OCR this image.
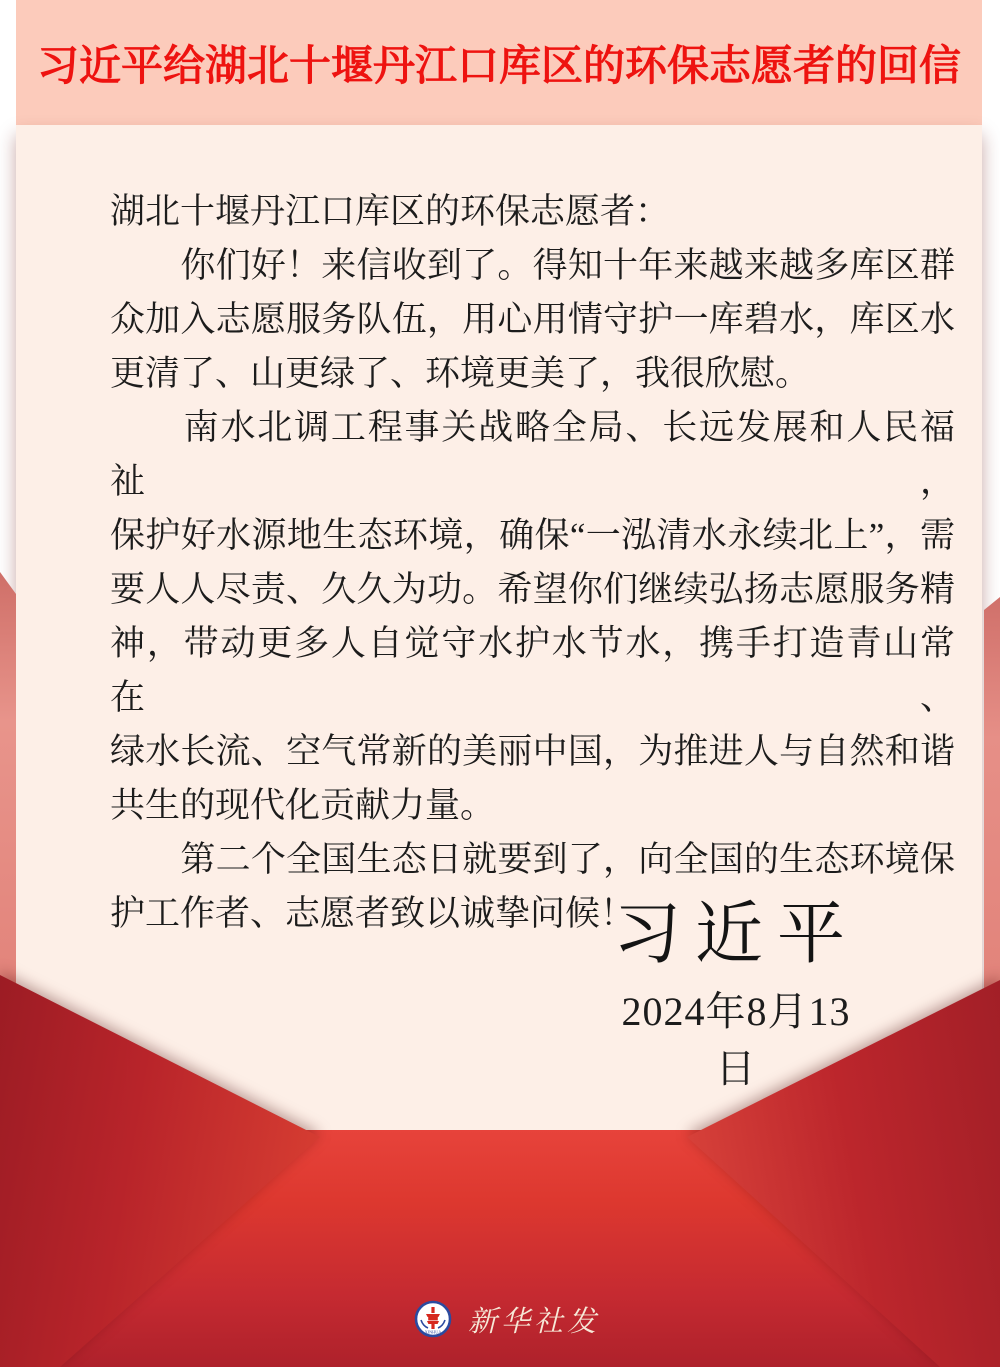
习近平给湖北十堰丹江口库区的环保志愿者的回信
湖北十堰丹江口库区的环保志愿者：
　　你们好！来信收到了。得知十年来越来越多库区群
众加入志愿服务队伍，用心用情守护一库碧水，库区水
更清了、山更绿了、环境更美了，我很欣慰。
　　南水北调工程事关战略全局、长远发展和人民福祉，
保护好水源地生态环境，确保“一泓清水永续北上”，需
要人人尽责、久久为功。希望你们继续弘扬志愿服务精
神，带动更多人自觉守水护水节水，携手打造青山常在、
绿水长流、空气常新的美丽中国，为推进人与自然和谐
共生的现代化贡献力量。
　　第二个全国生态日就要到了，向全国的生态环境保
护工作者、志愿者致以诚挚问候！
习近平
2024年8月13日
XINHUA 新华社发
